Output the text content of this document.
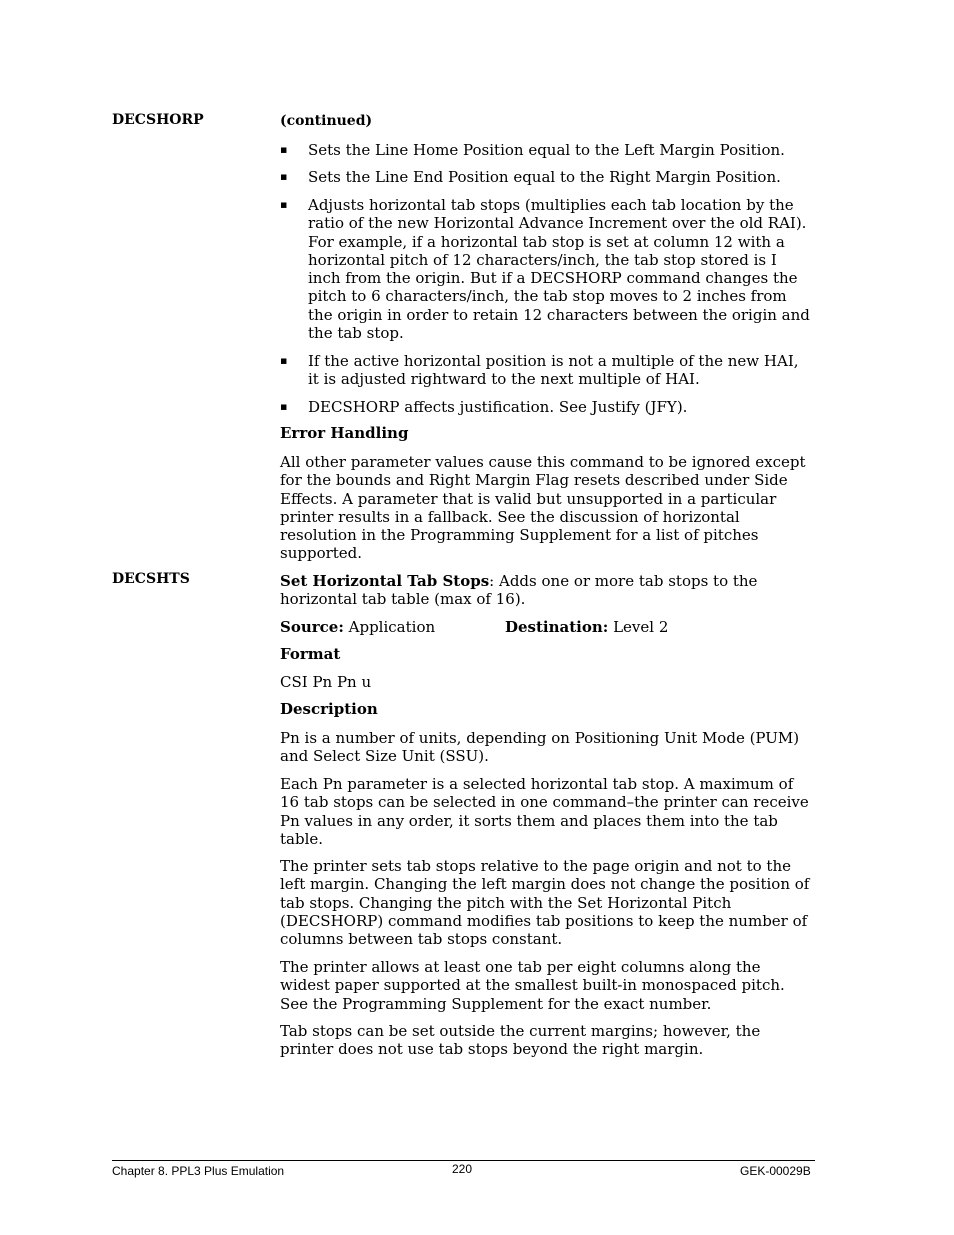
DECSHORP	(continued)
▪ Sets the Line Home Position equal to the Left Margin Position.
▪ Sets the Line End Position equal to the Right Margin Position.
▪ Adjusts horizontal tab stops (multiplies each tab location by the ratio of the new Horizontal Advance Increment over the old RAI). For example, if a horizontal tab stop is set at column 12 with a horizontal pitch of 12 characters/inch, the tab stop stored is I inch from the origin. But if a DECSHORP command changes the pitch to 6 characters/inch, the tab stop moves to 2 inches from the origin in order to retain 12 characters between the origin and the tab stop.
▪ If the active horizontal position is not a multiple of the new HAI, it is adjusted rightward to the next multiple of HAI.
▪ DECSHORP affects justification. See Justify (JFY).
Error Handling
All other parameter values cause this command to be ignored except for the bounds and Right Margin Flag resets described under Side Effects. A parameter that is valid but unsupported in a particular printer results in a fallback. See the discussion of horizontal resolution in the Programming Supplement for a list of pitches supported.
DECSHTS	Set Horizontal Tab Stops: Adds one or more tab stops to the horizontal tab table (max of 16).
Source: Application	Destination: Level 2
Format
CSI Pn Pn u
Description
Pn is a number of units, depending on Positioning Unit Mode (PUM) and Select Size Unit (SSU).
Each Pn parameter is a selected horizontal tab stop. A maximum of 16 tab stops can be selected in one command–the printer can receive Pn values in any order, it sorts them and places them into the tab table.
The printer sets tab stops relative to the page origin and not to the left margin. Changing the left margin does not change the position of tab stops. Changing the pitch with the Set Horizontal Pitch (DECSHORP) command modifies tab positions to keep the number of columns between tab stops constant.
The printer allows at least one tab per eight columns along the widest paper supported at the smallest built-in monospaced pitch. See the Programming Supplement for the exact number.
Tab stops can be set outside the current margins; however, the printer does not use tab stops beyond the right margin.
Chapter 8. PPL3 Plus Emulation	220	GEK-00029B
